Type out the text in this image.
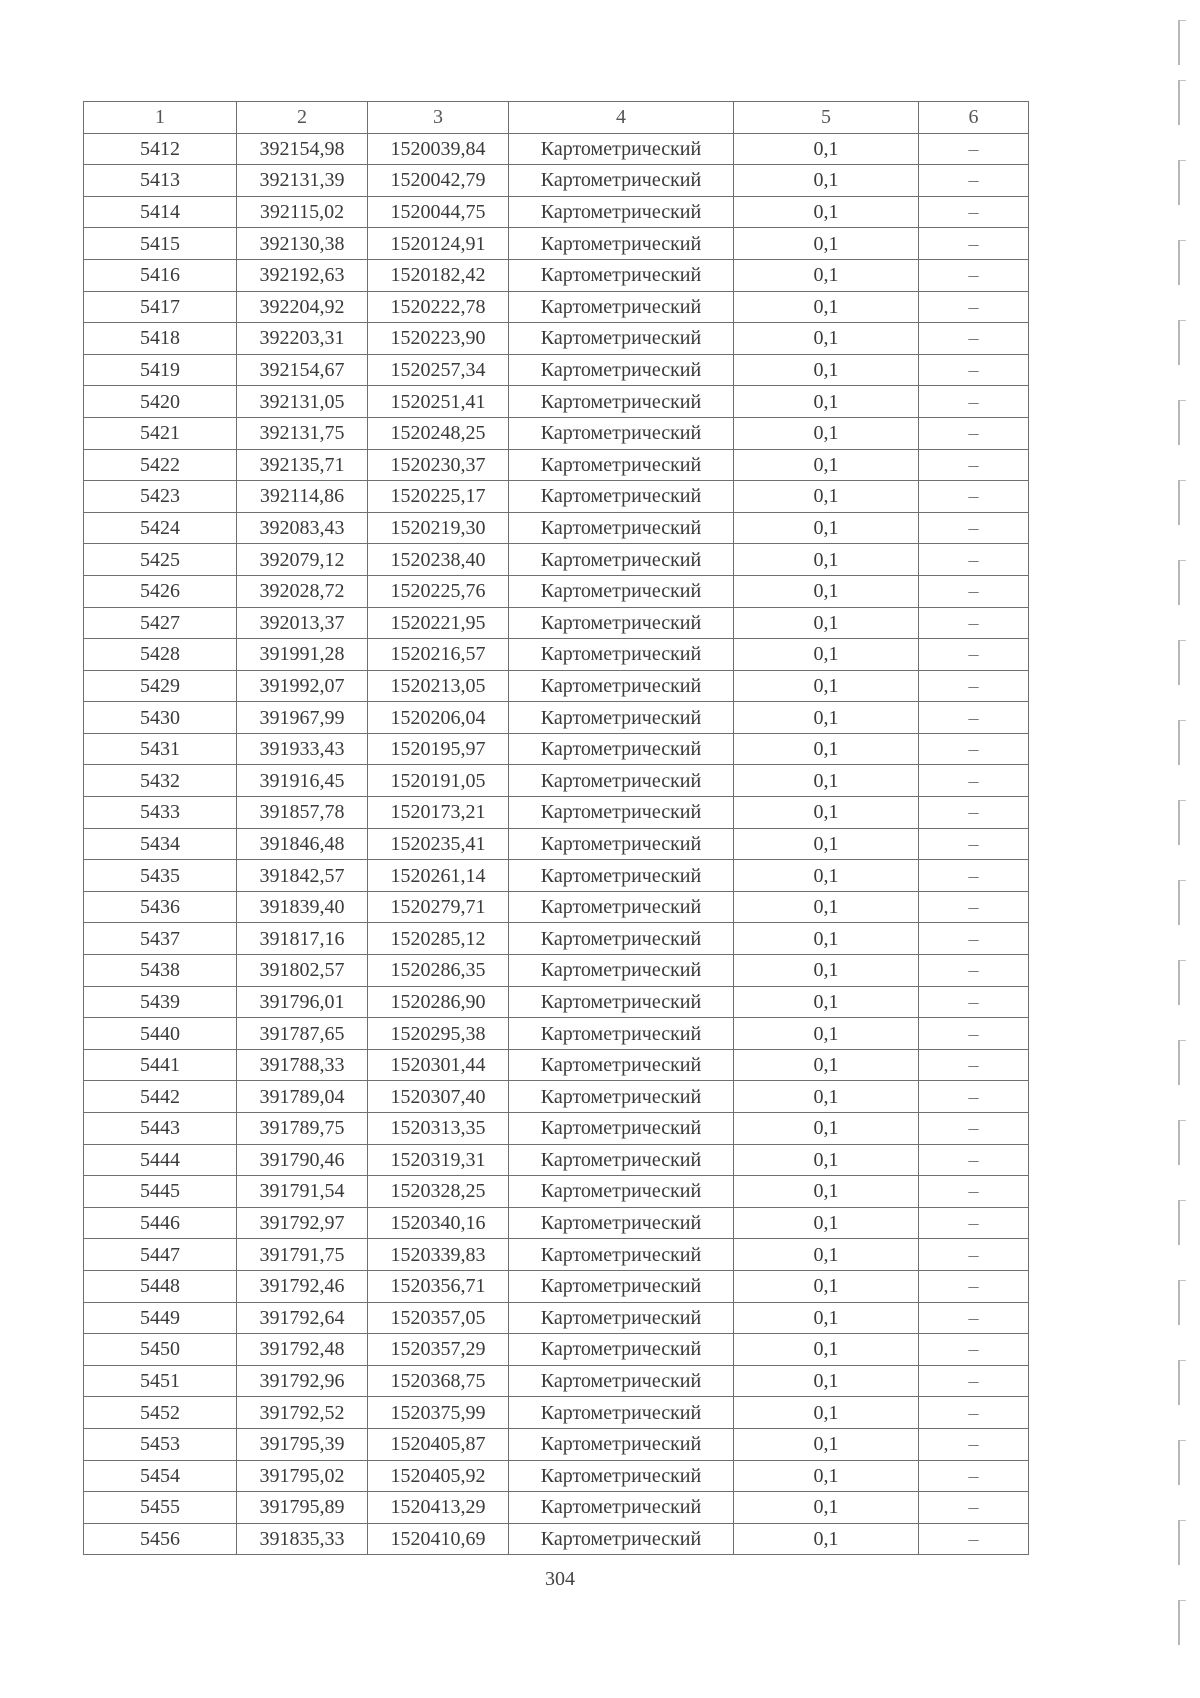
1	2	3	4	5	6
5412	392154,98	1520039,84	Картометрический	0,1	–
5413	392131,39	1520042,79	Картометрический	0,1	–
5414	392115,02	1520044,75	Картометрический	0,1	–
5415	392130,38	1520124,91	Картометрический	0,1	–
5416	392192,63	1520182,42	Картометрический	0,1	–
5417	392204,92	1520222,78	Картометрический	0,1	–
5418	392203,31	1520223,90	Картометрический	0,1	–
5419	392154,67	1520257,34	Картометрический	0,1	–
5420	392131,05	1520251,41	Картометрический	0,1	–
5421	392131,75	1520248,25	Картометрический	0,1	–
5422	392135,71	1520230,37	Картометрический	0,1	–
5423	392114,86	1520225,17	Картометрический	0,1	–
5424	392083,43	1520219,30	Картометрический	0,1	–
5425	392079,12	1520238,40	Картометрический	0,1	–
5426	392028,72	1520225,76	Картометрический	0,1	–
5427	392013,37	1520221,95	Картометрический	0,1	–
5428	391991,28	1520216,57	Картометрический	0,1	–
5429	391992,07	1520213,05	Картометрический	0,1	–
5430	391967,99	1520206,04	Картометрический	0,1	–
5431	391933,43	1520195,97	Картометрический	0,1	–
5432	391916,45	1520191,05	Картометрический	0,1	–
5433	391857,78	1520173,21	Картометрический	0,1	–
5434	391846,48	1520235,41	Картометрический	0,1	–
5435	391842,57	1520261,14	Картометрический	0,1	–
5436	391839,40	1520279,71	Картометрический	0,1	–
5437	391817,16	1520285,12	Картометрический	0,1	–
5438	391802,57	1520286,35	Картометрический	0,1	–
5439	391796,01	1520286,90	Картометрический	0,1	–
5440	391787,65	1520295,38	Картометрический	0,1	–
5441	391788,33	1520301,44	Картометрический	0,1	–
5442	391789,04	1520307,40	Картометрический	0,1	–
5443	391789,75	1520313,35	Картометрический	0,1	–
5444	391790,46	1520319,31	Картометрический	0,1	–
5445	391791,54	1520328,25	Картометрический	0,1	–
5446	391792,97	1520340,16	Картометрический	0,1	–
5447	391791,75	1520339,83	Картометрический	0,1	–
5448	391792,46	1520356,71	Картометрический	0,1	–
5449	391792,64	1520357,05	Картометрический	0,1	–
5450	391792,48	1520357,29	Картометрический	0,1	–
5451	391792,96	1520368,75	Картометрический	0,1	–
5452	391792,52	1520375,99	Картометрический	0,1	–
5453	391795,39	1520405,87	Картометрический	0,1	–
5454	391795,02	1520405,92	Картометрический	0,1	–
5455	391795,89	1520413,29	Картометрический	0,1	–
5456	391835,33	1520410,69	Картометрический	0,1	–
304
